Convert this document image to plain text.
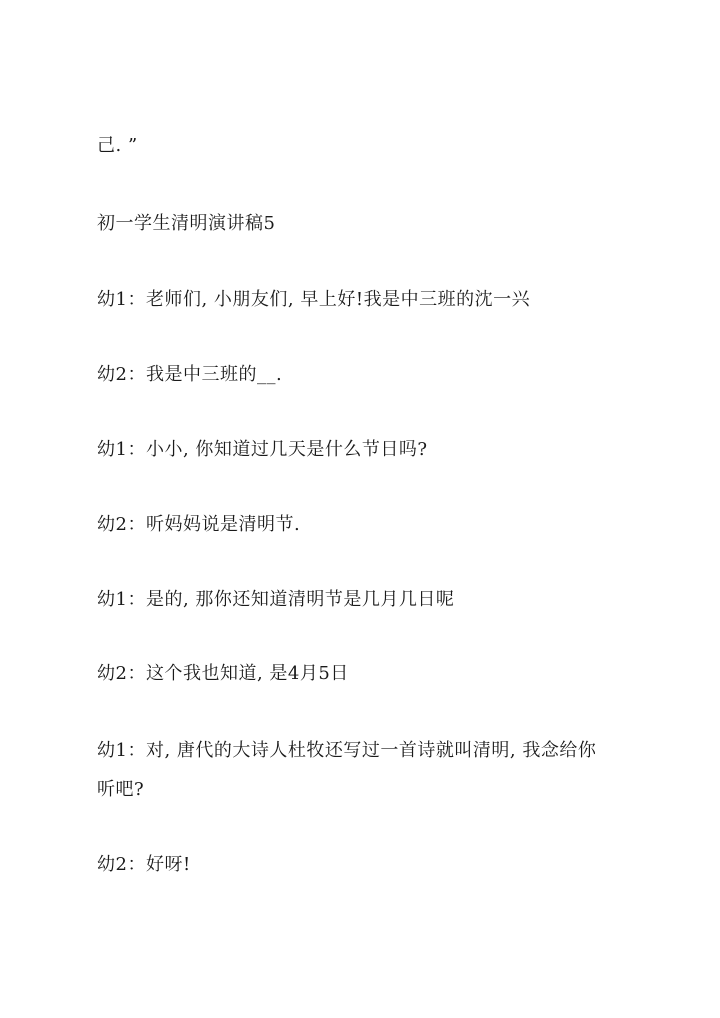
己. ”
初一学生清明演讲稿5
幼1：老师们, 小朋友们, 早上好!我是中三班的沈一兴
幼2：我是中三班的__.
幼1：小小, 你知道过几天是什么节日吗?
幼2：听妈妈说是清明节.
幼1：是的, 那你还知道清明节是几月几日呢
幼2：这个我也知道, 是4月5日
幼1：对, 唐代的大诗人杜牧还写过一首诗就叫清明, 我念给你
听吧?
幼2：好呀!
